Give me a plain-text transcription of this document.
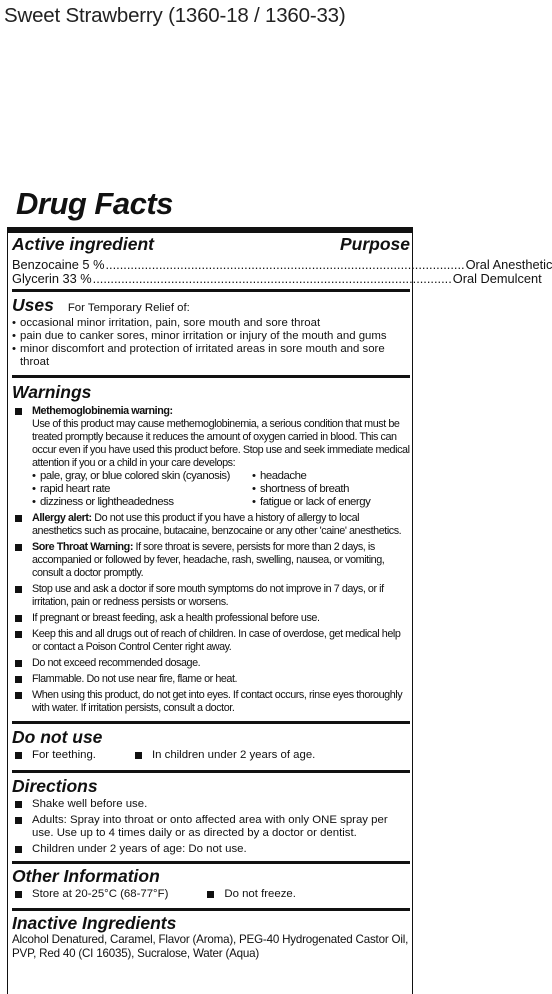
Sweet Strawberry (1360-18 / 1360-33)
Drug Facts
Active ingredient	Purpose
Benzocaine 5 % ..................................................................................................... Oral Anesthetic
Glycerin 33 % ..................................................................................................... Oral Demulcent
Uses For Temporary Relief of:
• occasional minor irritation, pain, sore mouth and sore throat
• pain due to canker sores, minor irritation or injury of the mouth and gums
• minor discomfort and protection of irritated areas in sore mouth and sore throat
Warnings
Methemoglobinemia warning:
Use of this product may cause methemoglobinemia, a serious condition that must be treated promptly because it reduces the amount of oxygen carried in blood. This can occur even if you have used this product before. Stop use and seek immediate medical attention if you or a child in your care develops:
• pale, gray, or blue colored skin (cyanosis)	• headache
• rapid heart rate	• shortness of breath
• dizziness or lightheadedness	• fatigue or lack of energy
Allergy alert: Do not use this product if you have a history of allergy to local anesthetics such as procaine, butacaine, benzocaine or any other 'caine' anesthetics.
Sore Throat Warning: If sore throat is severe, persists for more than 2 days, is accompanied or followed by fever, headache, rash, swelling, nausea, or vomiting, consult a doctor promptly.
Stop use and ask a doctor if sore mouth symptoms do not improve in 7 days, or if irritation, pain or redness persists or worsens.
If pregnant or breast feeding, ask a health professional before use.
Keep this and all drugs out of reach of children. In case of overdose, get medical help or contact a Poison Control Center right away.
Do not exceed recommended dosage.
Flammable. Do not use near fire, flame or heat.
When using this product, do not get into eyes. If contact occurs, rinse eyes thoroughly with water. If irritation persists, consult a doctor.
Do not use
For teething.	In children under 2 years of age.
Directions
Shake well before use.
Adults: Spray into throat or onto affected area with only ONE spray per use. Use up to 4 times daily or as directed by a doctor or dentist.
Children under 2 years of age: Do not use.
Other Information
Store at 20-25°C (68-77°F)	Do not freeze.
Inactive Ingredients
Alcohol Denatured, Caramel, Flavor (Aroma), PEG-40 Hydrogenated Castor Oil, PVP, Red 40 (CI 16035), Sucralose, Water (Aqua)
